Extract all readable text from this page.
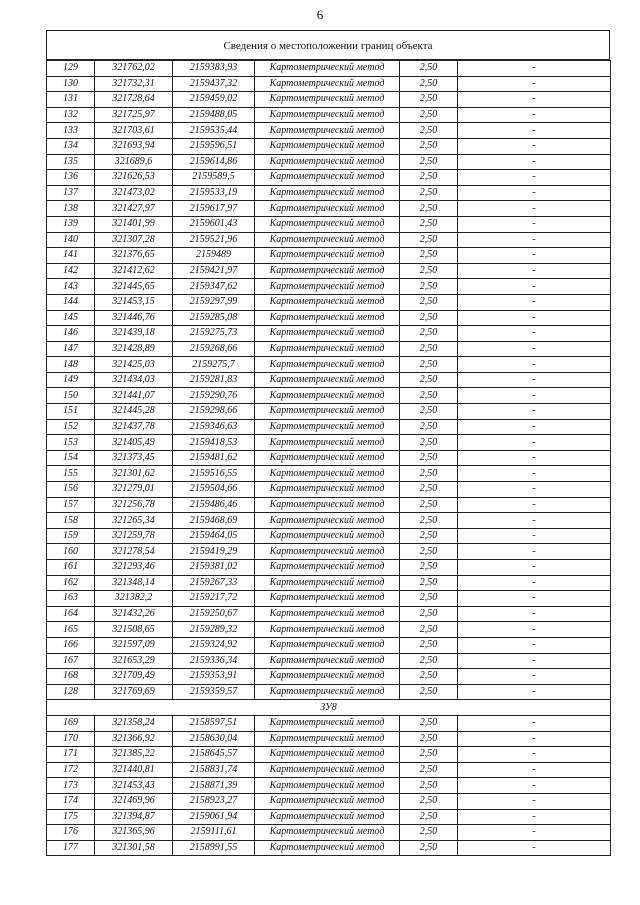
6
Сведения о местоположении границ объекта
129	321762,02	2159383,93	Картометрический метод	2,50	-
130	321732,31	2159437,32	Картометрический метод	2,50	-
131	321728,64	2159459,02	Картометрический метод	2,50	-
132	321725,97	2159488,05	Картометрический метод	2,50	-
133	321703,61	2159535,44	Картометрический метод	2,50	-
134	321693,94	2159596,51	Картометрический метод	2,50	-
135	321689,6	2159614,86	Картометрический метод	2,50	-
136	321626,53	2159589,5	Картометрический метод	2,50	-
137	321473,02	2159533,19	Картометрический метод	2,50	-
138	321427,97	2159617,97	Картометрический метод	2,50	-
139	321401,99	2159601,43	Картометрический метод	2,50	-
140	321307,28	2159521,96	Картометрический метод	2,50	-
141	321376,65	2159489	Картометрический метод	2,50	-
142	321412,62	2159421,97	Картометрический метод	2,50	-
143	321445,65	2159347,62	Картометрический метод	2,50	-
144	321453,15	2159297,99	Картометрический метод	2,50	-
145	321446,76	2159285,08	Картометрический метод	2,50	-
146	321439,18	2159275,73	Картометрический метод	2,50	-
147	321428,89	2159268,66	Картометрический метод	2,50	-
148	321425,03	2159275,7	Картометрический метод	2,50	-
149	321434,03	2159281,83	Картометрический метод	2,50	-
150	321441,07	2159290,76	Картометрический метод	2,50	-
151	321445,28	2159298,66	Картометрический метод	2,50	-
152	321437,78	2159346,63	Картометрический метод	2,50	-
153	321405,49	2159418,53	Картометрический метод	2,50	-
154	321373,45	2159481,62	Картометрический метод	2,50	-
155	321301,62	2159516,55	Картометрический метод	2,50	-
156	321279,01	2159504,66	Картометрический метод	2,50	-
157	321256,78	2159486,46	Картометрический метод	2,50	-
158	321265,34	2159468,69	Картометрический метод	2,50	-
159	321259,78	2159464,05	Картометрический метод	2,50	-
160	321278,54	2159419,29	Картометрический метод	2,50	-
161	321293,46	2159381,02	Картометрический метод	2,50	-
162	321348,14	2159267,33	Картометрический метод	2,50	-
163	321382,2	2159217,72	Картометрический метод	2,50	-
164	321432,26	2159250,67	Картометрический метод	2,50	-
165	321508,65	2159289,32	Картометрический метод	2,50	-
166	321597,09	2159324,92	Картометрический метод	2,50	-
167	321653,29	2159336,34	Картометрический метод	2,50	-
168	321709,49	2159353,91	Картометрический метод	2,50	-
128	321769,69	2159359,57	Картометрический метод	2,50	-
ЗУ8					
169	321358,24	2158597,51	Картометрический метод	2,50	-
170	321366,92	2158630,04	Картометрический метод	2,50	-
171	321385,22	2158645,57	Картометрический метод	2,50	-
172	321440,81	2158831,74	Картометрический метод	2,50	-
173	321453,43	2158871,39	Картометрический метод	2,50	-
174	321469,96	2158923,27	Картометрический метод	2,50	-
175	321394,87	2159061,94	Картометрический метод	2,50	-
176	321365,96	2159111,61	Картометрический метод	2,50	-
177	321301,58	2158991,55	Картометрический метод	2,50	-
